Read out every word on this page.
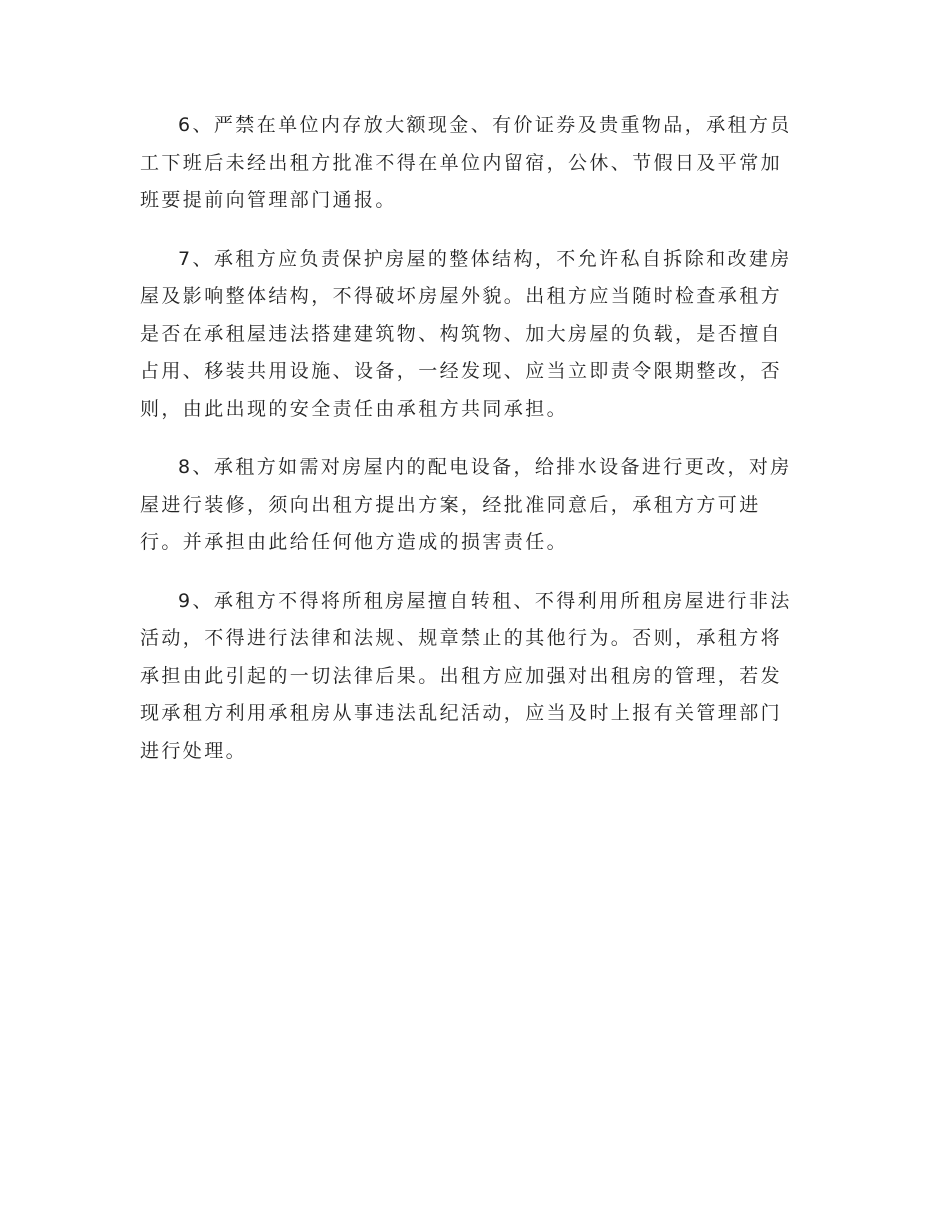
6、严禁在单位内存放大额现金、有价证券及贵重物品，承租方员
工下班后未经出租方批准不得在单位内留宿，公休、节假日及平常加
班要提前向管理部门通报。

7、承租方应负责保护房屋的整体结构，不允许私自拆除和改建房
屋及影响整体结构，不得破坏房屋外貌。出租方应当随时检查承租方
是否在承租屋违法搭建建筑物、构筑物、加大房屋的负载，是否擅自
占用、移装共用设施、设备，一经发现、应当立即责令限期整改，否
则，由此出现的安全责任由承租方共同承担。

8、承租方如需对房屋内的配电设备，给排水设备进行更改，对房
屋进行装修，须向出租方提出方案，经批准同意后，承租方方可进
行。并承担由此给任何他方造成的损害责任。

9、承租方不得将所租房屋擅自转租、不得利用所租房屋进行非法
活动，不得进行法律和法规、规章禁止的其他行为。否则，承租方将
承担由此引起的一切法律后果。出租方应加强对出租房的管理，若发
现承租方利用承租房从事违法乱纪活动，应当及时上报有关管理部门
进行处理。
